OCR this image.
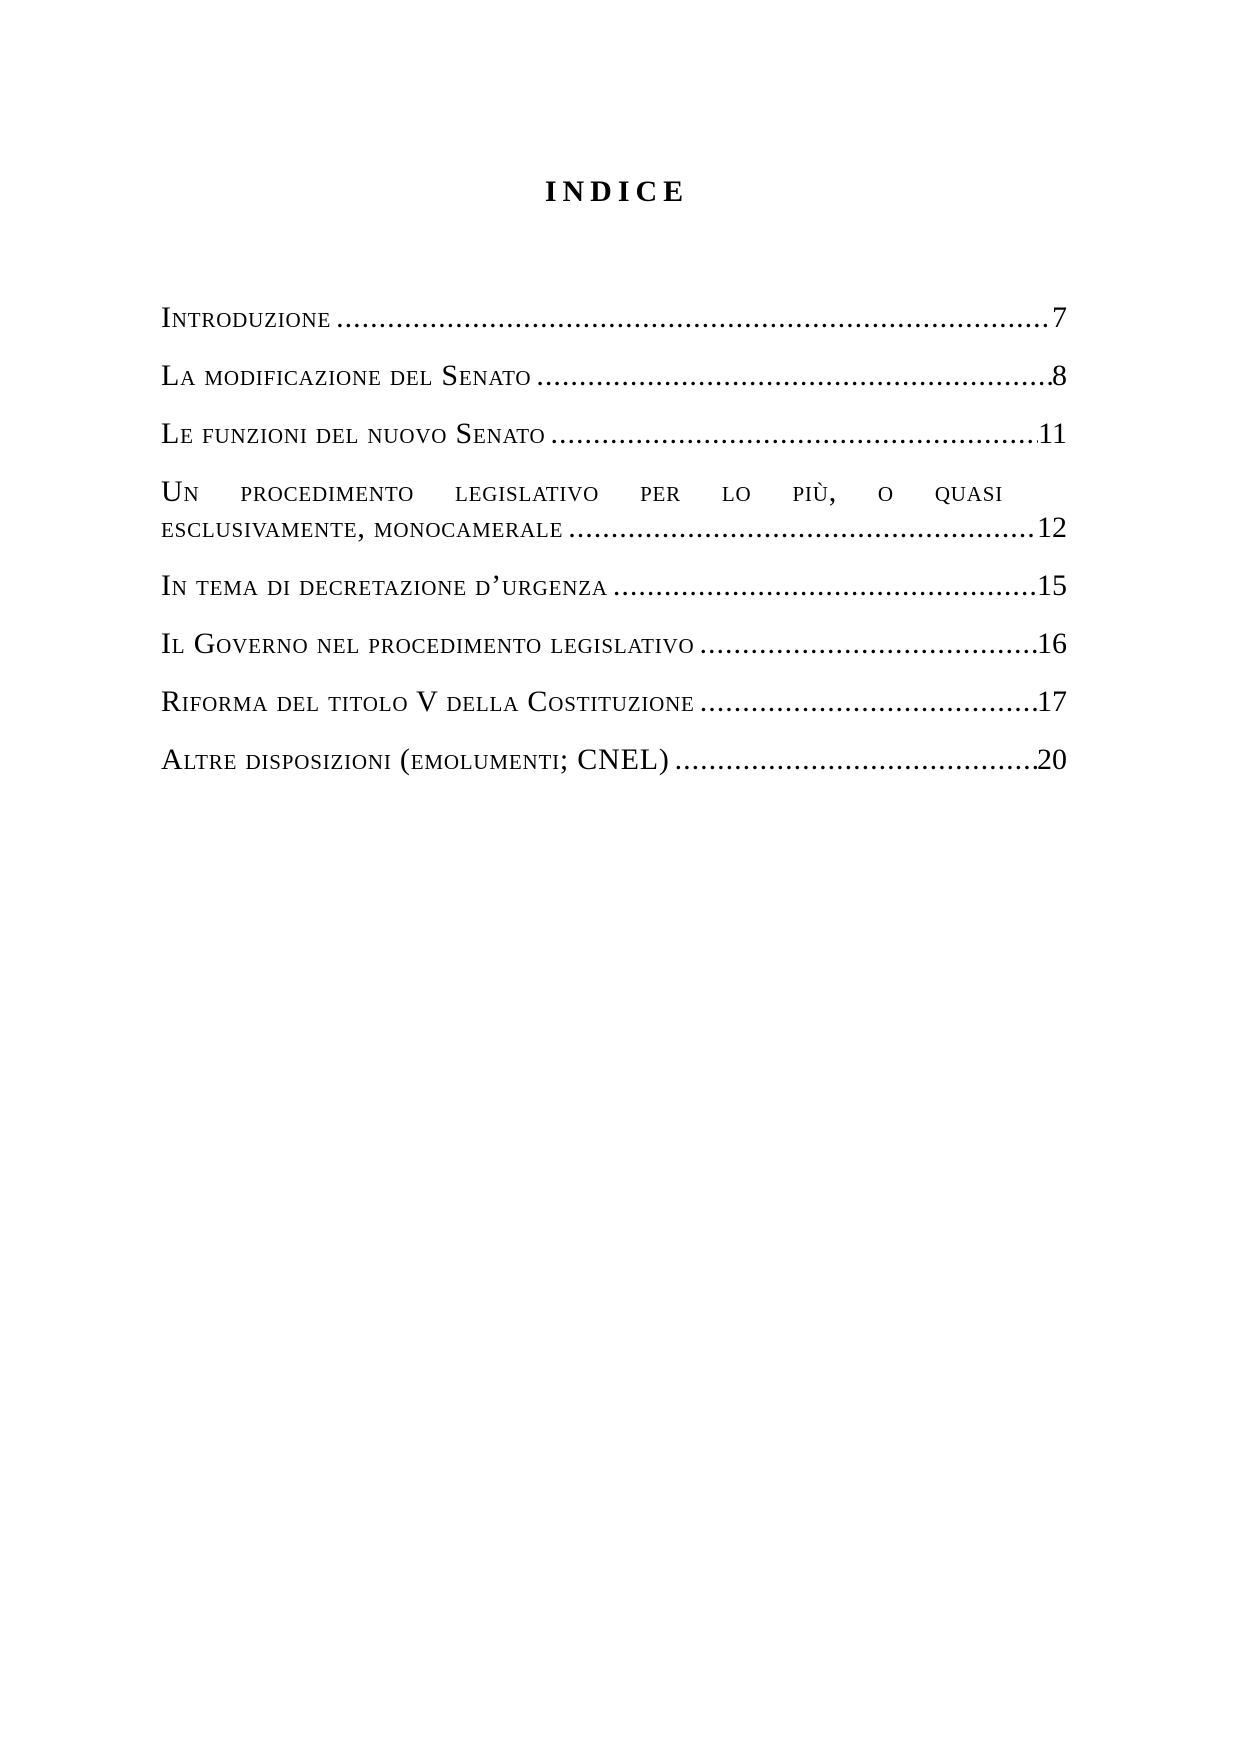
INDICE
Introduzione .....	7
La modificazione del Senato .....	8
Le funzioni del nuovo Senato .....	11
Un procedimento legislativo per lo più, o quasi
esclusivamente, monocamerale .....	12
In tema di decretazione d’urgenza .....	15
Il Governo nel procedimento legislativo .....	16
Riforma del titolo V della Costituzione .....	17
Altre disposizioni (emolumenti; CNEL) .....	20
